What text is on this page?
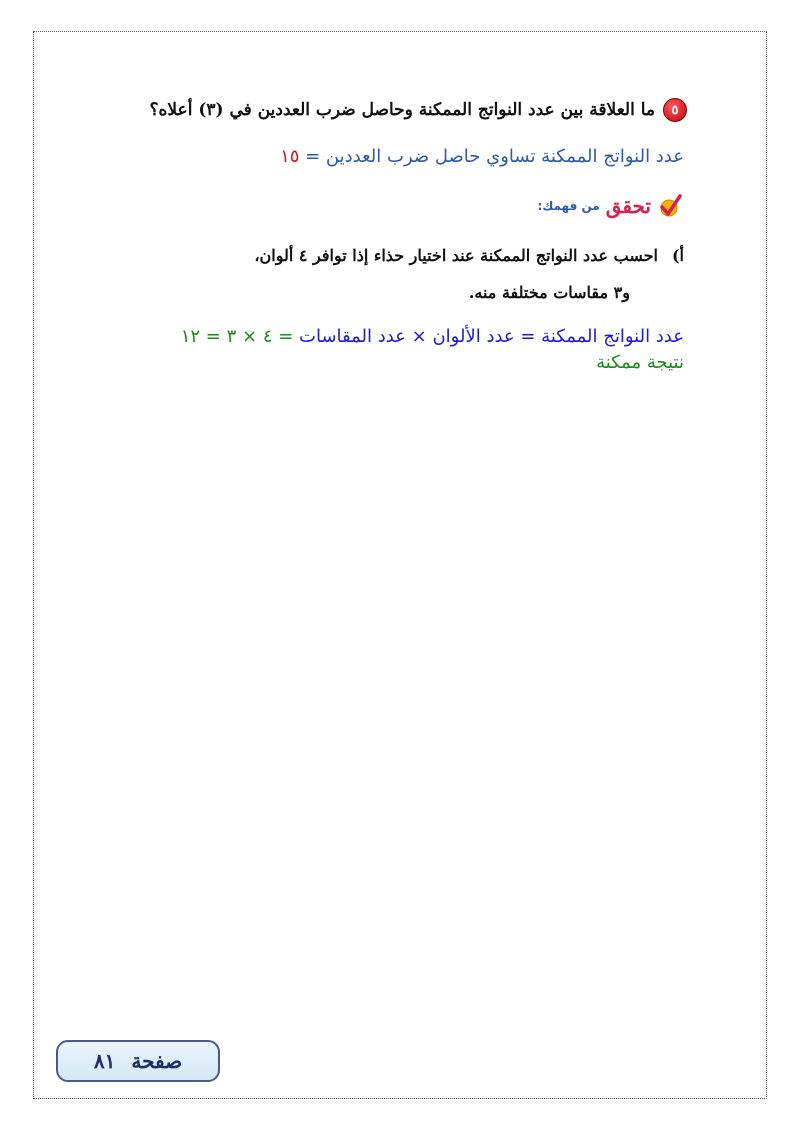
٥
ما العلاقة بين عدد النواتج الممكنة وحاصل ضرب العددين في (٣) أعلاه؟
عدد النواتج الممكنة تساوي حاصل ضرب العددين = ١٥
تحقق
من فهمك:
أ)
احسب عدد النواتج الممكنة عند اختيار حذاء إذا توافر ٤ ألوان،
و٣ مقاسات مختلفة منه.
عدد النواتج الممكنة = عدد الألوان × عدد المقاسات = ٤ × ٣ = ١٢
نتيجة ممكنة
صفحة
٨١
